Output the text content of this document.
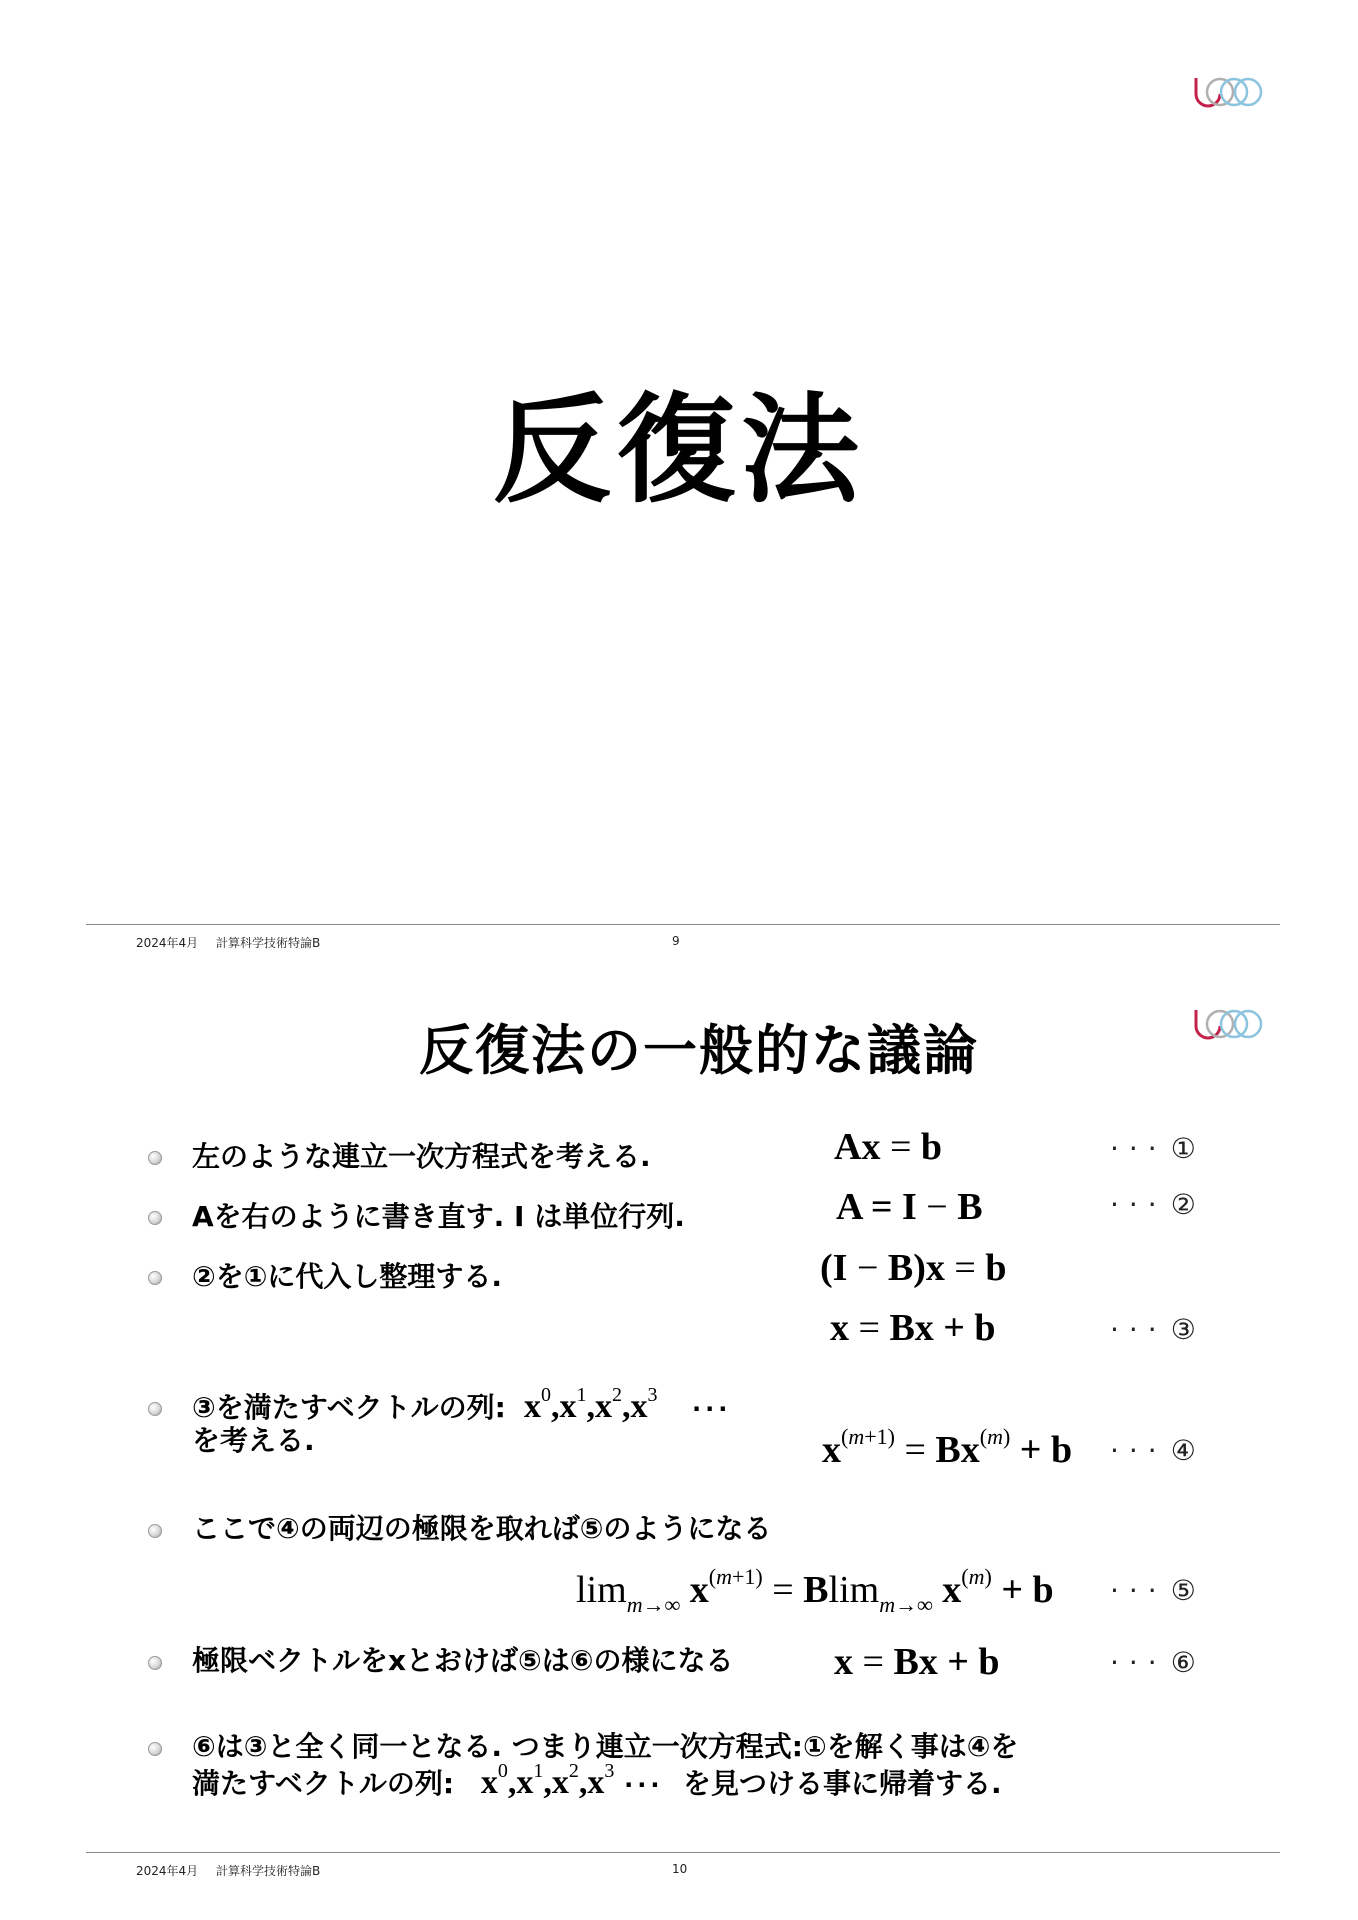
反復法
2024年4月 計算科学技術特論B	9
反復法の一般的な議論
左のような連立一次方程式を考える.	Ax = b	··· ①
Aを右のように書き直す. I は単位行列.	A = I − B	··· ②
②を①に代入し整理する.	(I − B)x = b
x = Bx + b	··· ③
③を満たすベクトルの列:  $x^0,x^1,x^2,x^3$   ···
を考える.	$x^{(m+1)} = Bx^{(m)} + b$ ··· ④
ここで④の両辺の極限を取れば⑤のようになる
$\lim_{m\to\infty} x^{(m+1)} = Blim_{m\to\infty}$ $x^{(m)} + b$ ··· ⑤
極限ベクトルをxとおけば⑤は⑥の様になる	x = Bx + b	··· ⑥
⑥は③と全く同一となる. つまり連立一次方程式:①を解く事は④を
満たすベクトルの列:   $x^0,x^1,x^2,x^3$ ··· を見つける事に帰着する.
2024年4月 計算科学技術特論B	10
